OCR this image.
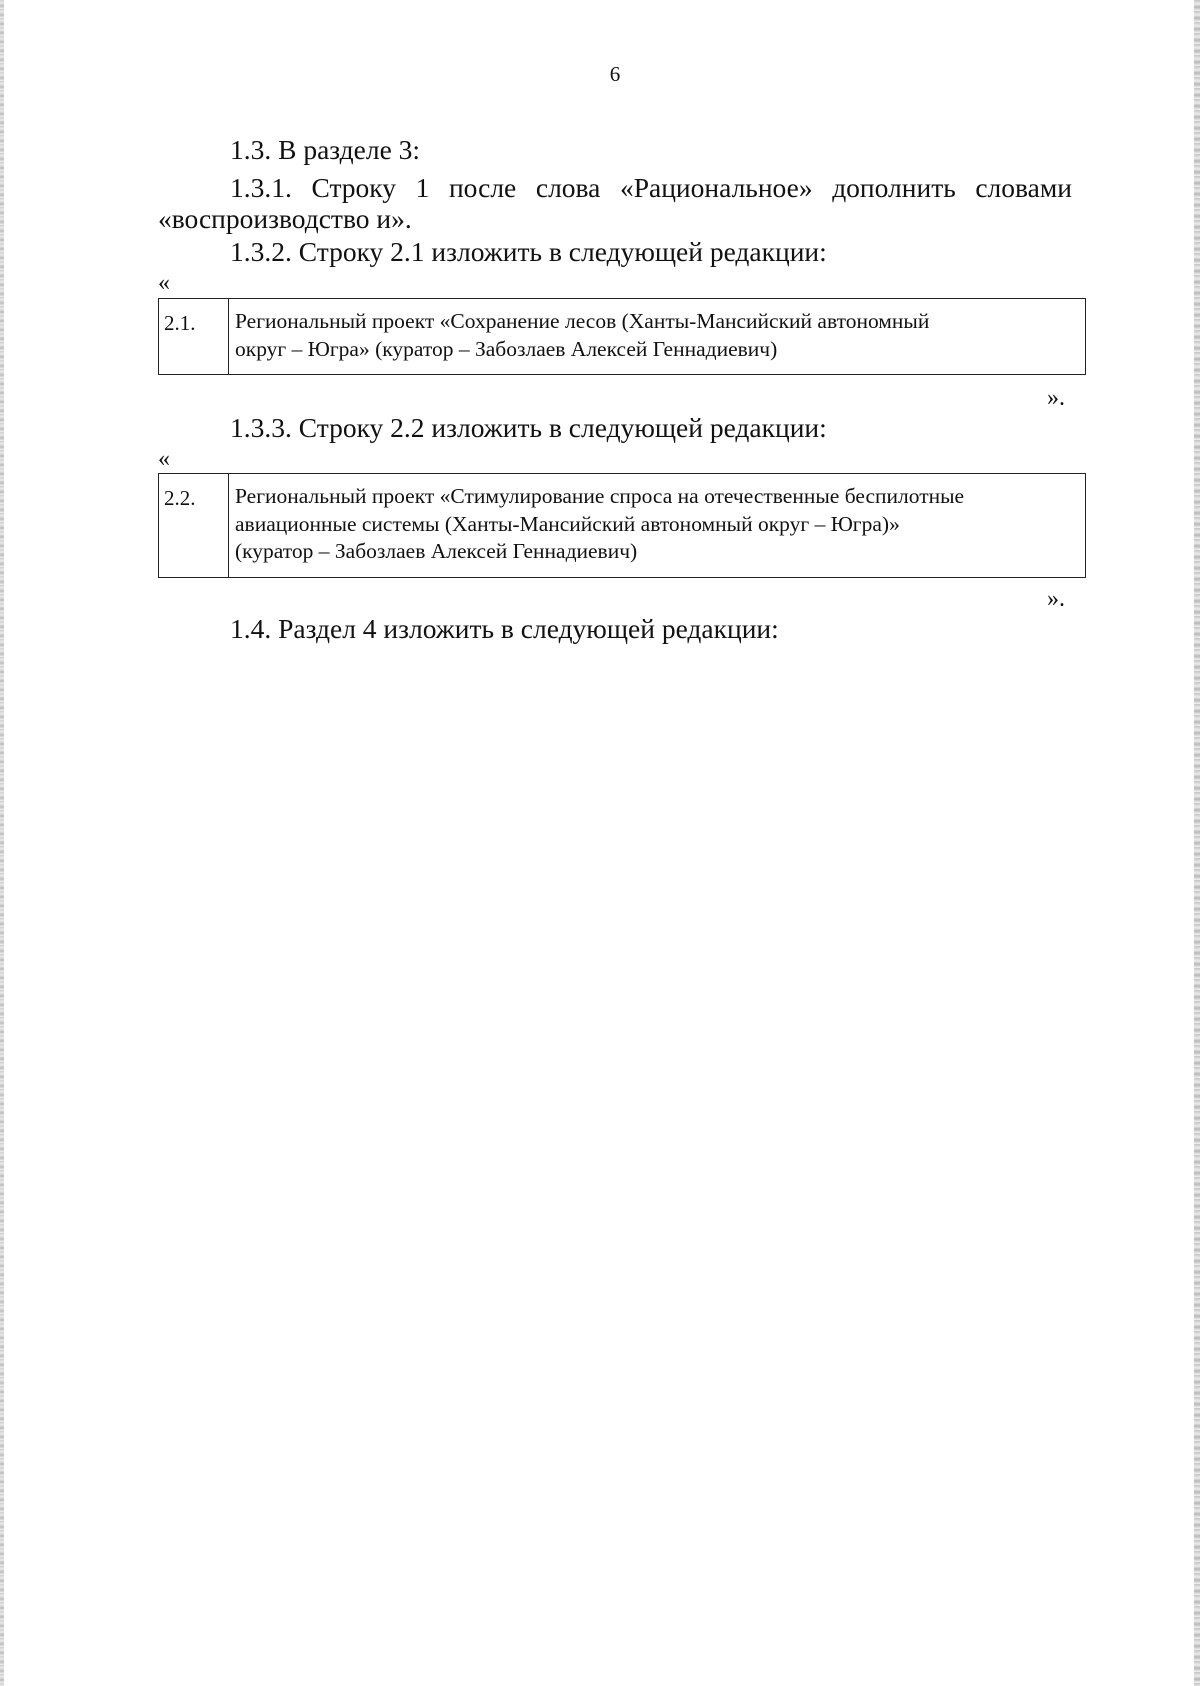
6
1.3. В разделе 3:
1.3.1. Строку 1 после слова «Рациональное» дополнить словами
«воспроизводство и».
1.3.2. Строку 2.1 изложить в следующей редакции:
«
2.1.	Региональный проект «Сохранение лесов (Ханты-Мансийский автономный
округ – Югра» (куратор – Забозлаев Алексей Геннадиевич)
».
1.3.3. Строку 2.2 изложить в следующей редакции:
«
2.2.	Региональный проект «Стимулирование спроса на отечественные беспилотные
авиационные системы (Ханты-Мансийский автономный округ – Югра)»
(куратор – Забозлаев Алексей Геннадиевич)
».
1.4. Раздел 4 изложить в следующей редакции:
